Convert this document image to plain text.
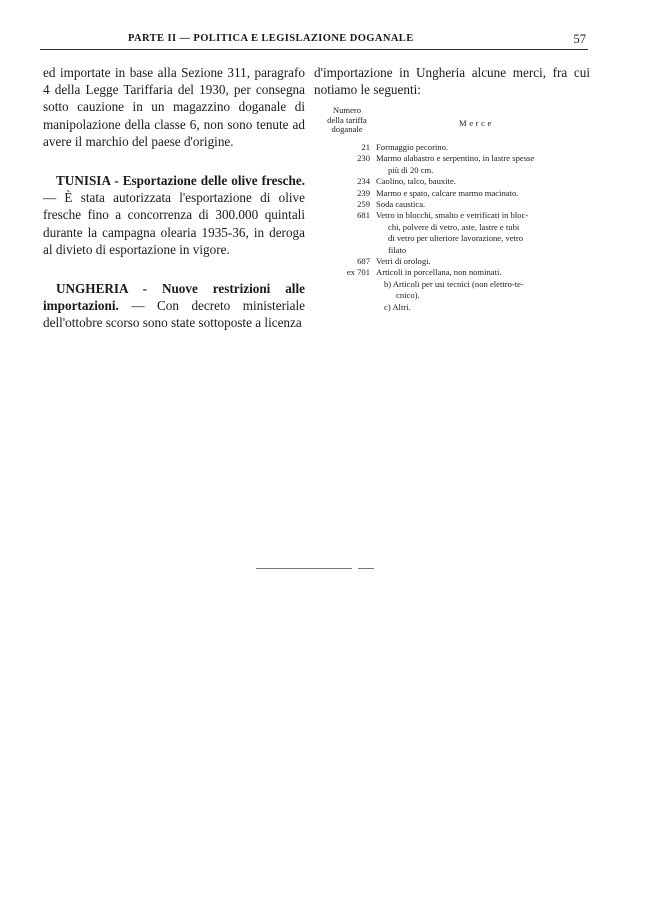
PARTE II — POLITICA E LEGISLAZIONE DOGANALE	57

ed importate in base alla Sezione 311, paragrafo 4 della Legge Tariffaria del 1930, per consegna sotto cauzione in un magazzino doganale di manipolazione della classe 6, non sono tenute ad avere il marchio del paese d'origine.

TUNISIA - Esportazione delle olive fresche. — È stata autorizzata l'esportazione di olive fresche fino a concorrenza di 300.000 quintali durante la campagna olearia 1935-36, in deroga al divieto di esportazione in vigore.

UNGHERIA - Nuove restrizioni alle importazioni. — Con decreto ministeriale dell'ottobre scorso sono state sottoposte a licenza

d'importazione in Ungheria alcune merci, fra cui notiamo le seguenti:

Numero
della tariffa
doganale
Merce
21 Formaggio pecorino.
230 Marmo alabastro e serpentino, in lastre spesse

più di 20 cm.
234 Caolino, talco, bauxite.
239 Marmo e spato, calcare marmo macinato.
259 Soda caustica.
681 Vetro in blocchi, smalto e vetrificati in bloc-

chi, polvere di vetro, aste, lastre e tubi
di vetro per ulteriore lavorazione, vetro
filato
687 Vetri di orologi.
ex 701 Articoli in porcellana, non nominati.
b) Articoli per usi tecnici (non elettro-te-
cnico).
c) Altri.
